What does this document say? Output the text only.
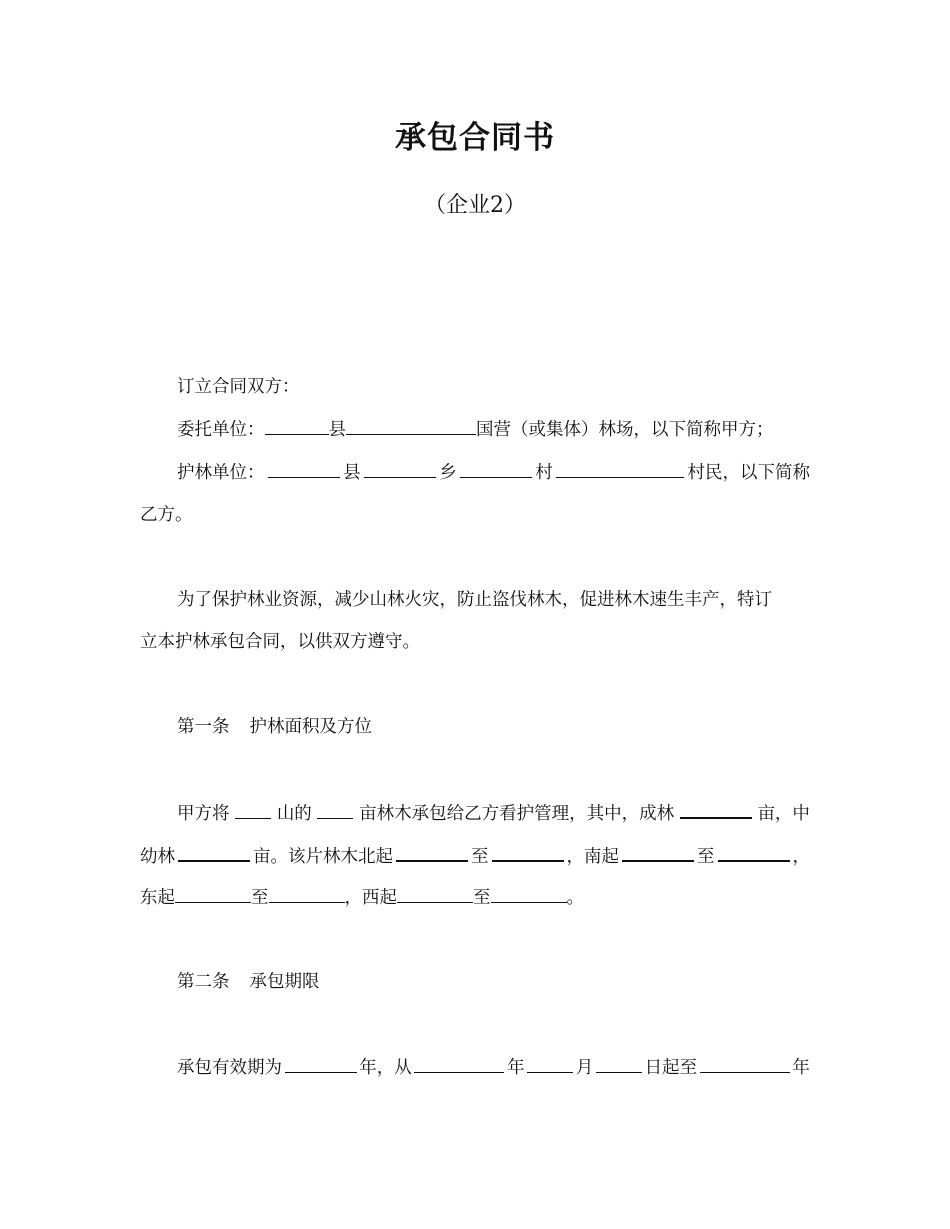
承包合同书
（企业2）
订立合同双方：
委托单位：	县	国营（或集体）林场，以下简称甲方；
护林单位：	县	乡	村	村民，以下简称
乙方。
为了保护林业资源，减少山林火灾，防止盗伐林木，促进林木速生丰产，特订
立本护林承包合同，以供双方遵守。
第一条 护林面积及方位
甲方将	山的	亩林木承包给乙方看护管理，其中，成林	亩，中
幼林	亩。该片林木北起	至	，南起	至	，
东起	至	，西起	至	。
第二条 承包期限
承包有效期为	年，从	年	月	日起至	年
